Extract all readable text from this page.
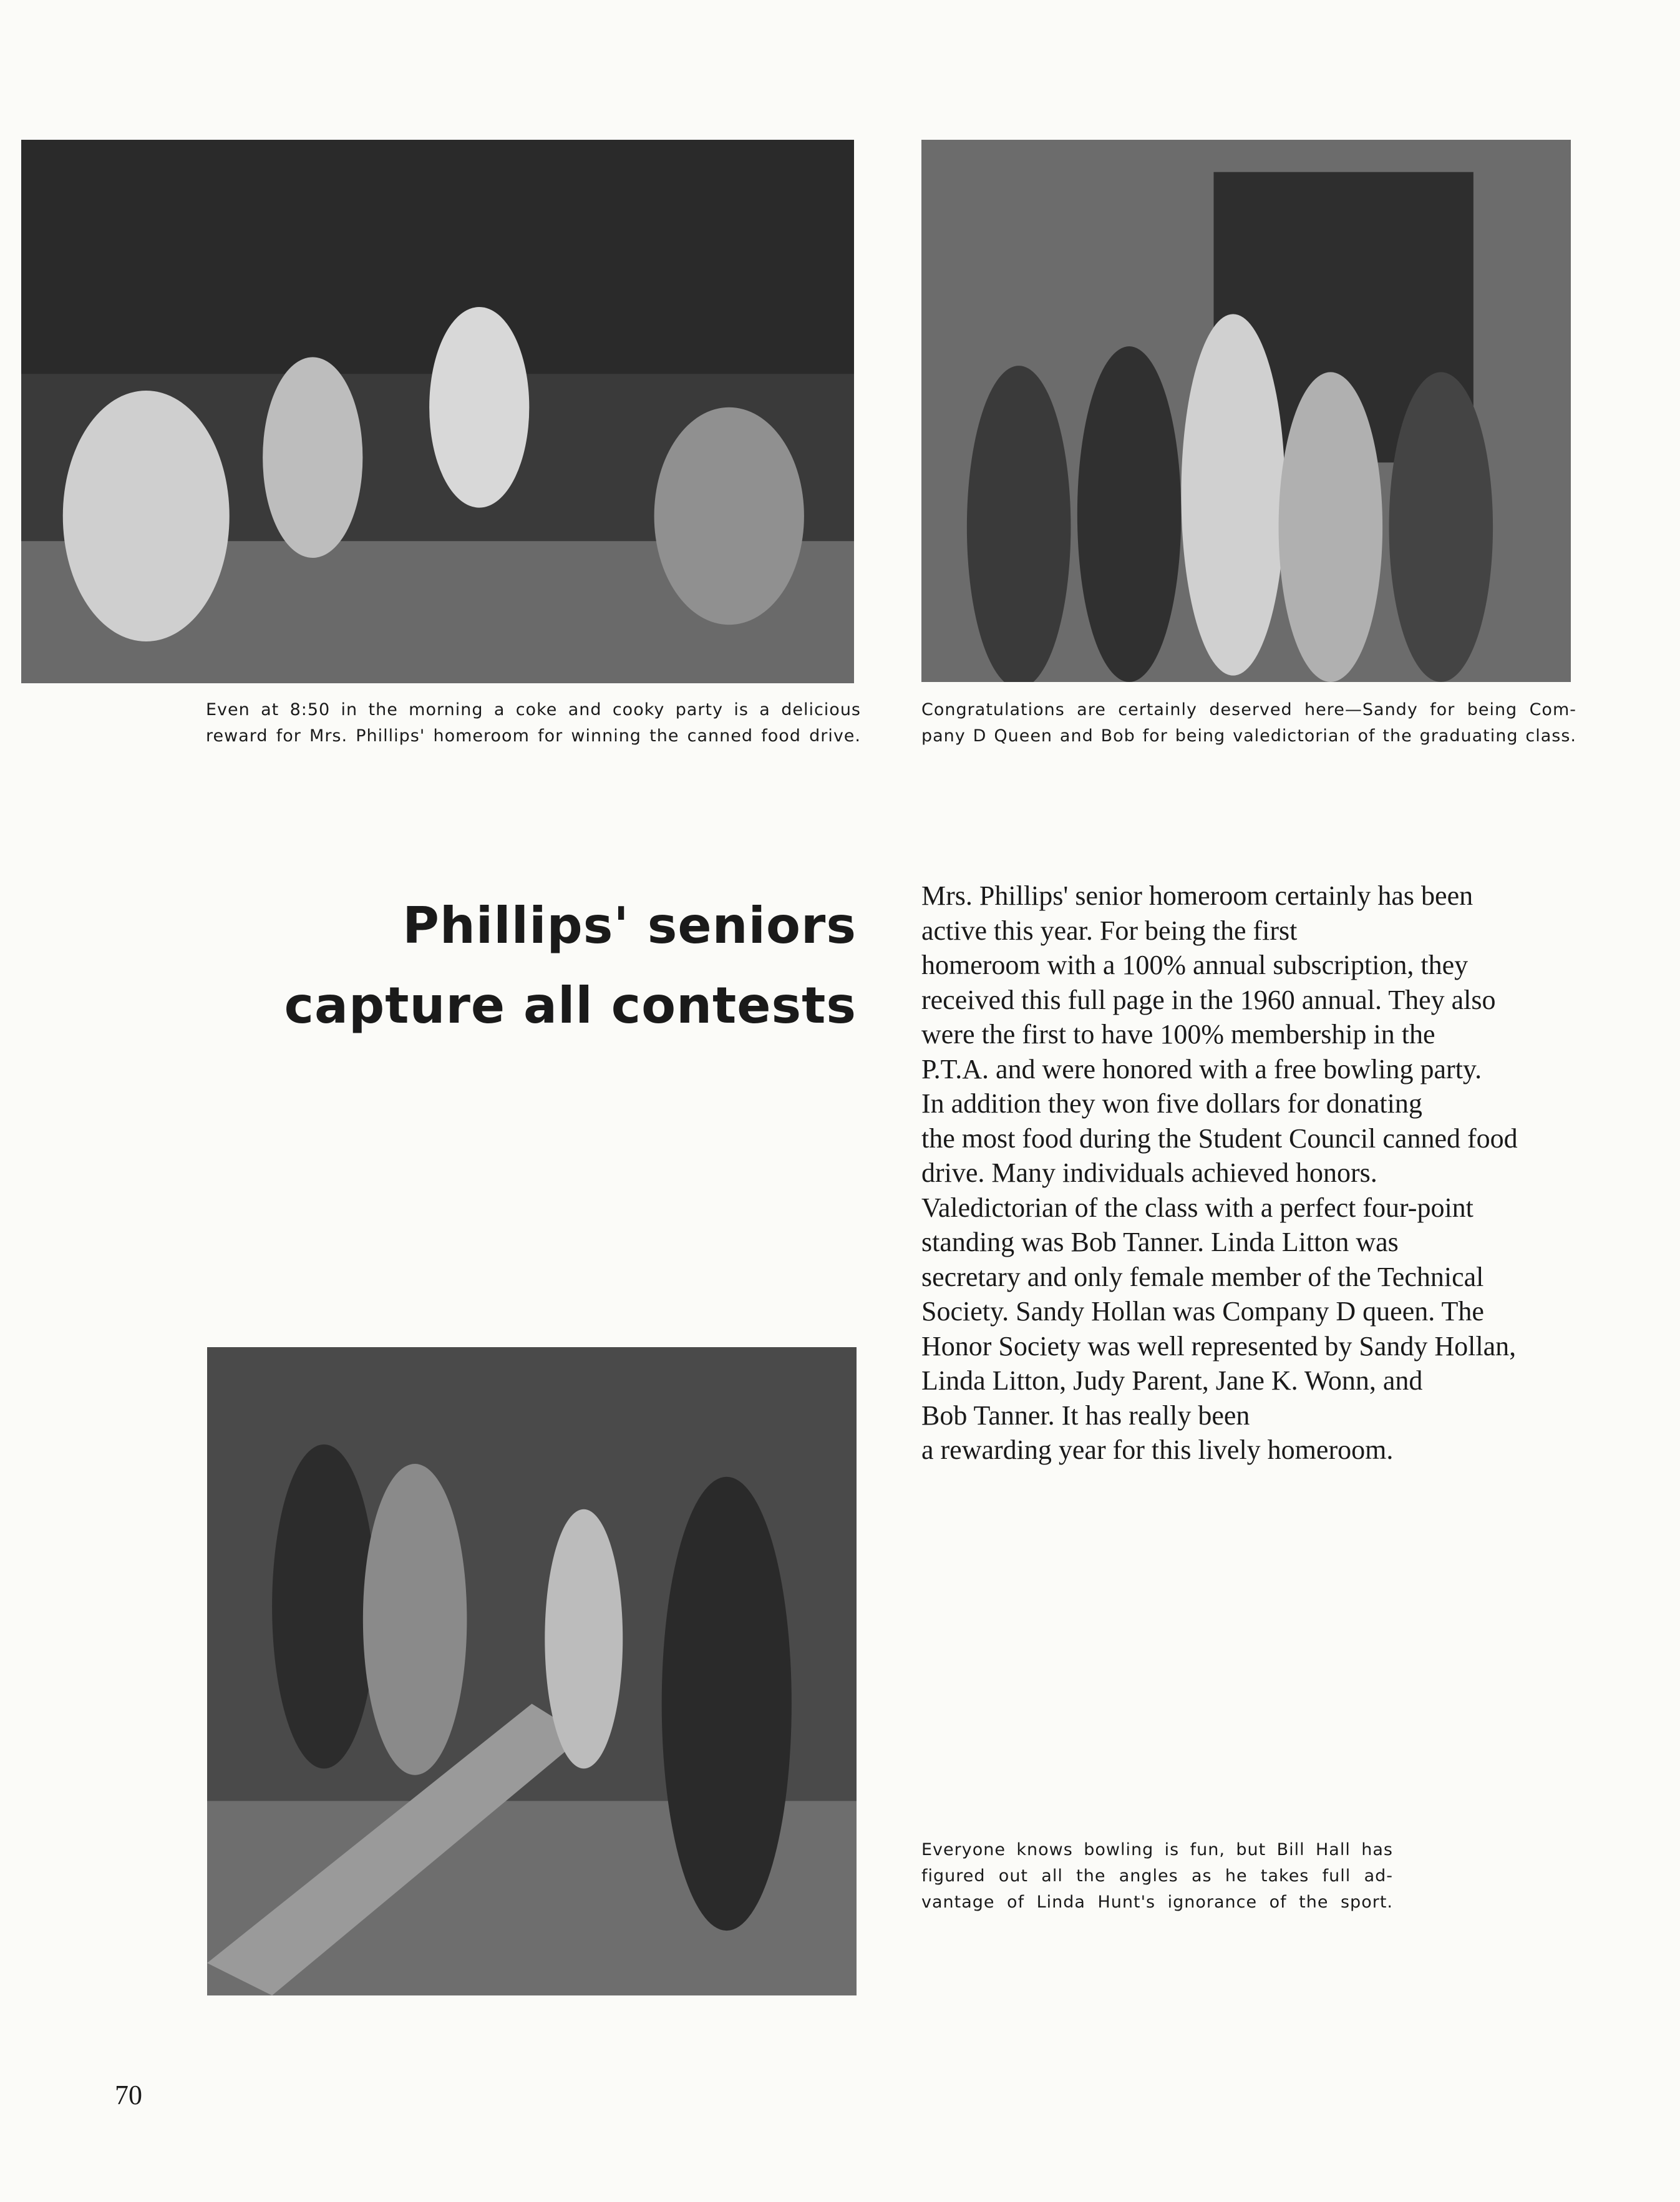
Even at 8:50 in the morning a coke and cooky party is a delicious
reward for Mrs. Phillips' homeroom for winning the canned food drive.
Congratulations are certainly deserved here—Sandy for being Com-
pany D Queen and Bob for being valedictorian of the graduating class.
Phillips' seniors
capture all contests
Mrs. Phillips' senior homeroom certainly has been
active this year. For being the first
homeroom with a 100% annual subscription, they
received this full page in the 1960 annual. They also
were the first to have 100% membership in the
P.T.A. and were honored with a free bowling party.
In addition they won five dollars for donating
the most food during the Student Council canned food
drive. Many individuals achieved honors.
Valedictorian of the class with a perfect four-point
standing was Bob Tanner. Linda Litton was
secretary and only female member of the Technical
Society. Sandy Hollan was Company D queen. The
Honor Society was well represented by Sandy Hollan,
Linda Litton, Judy Parent, Jane K. Wonn, and
Bob Tanner. It has really been
a rewarding year for this lively homeroom.
Everyone knows bowling is fun, but Bill Hall has
figured out all the angles as he takes full ad-
vantage of Linda Hunt's ignorance of the sport.
70
